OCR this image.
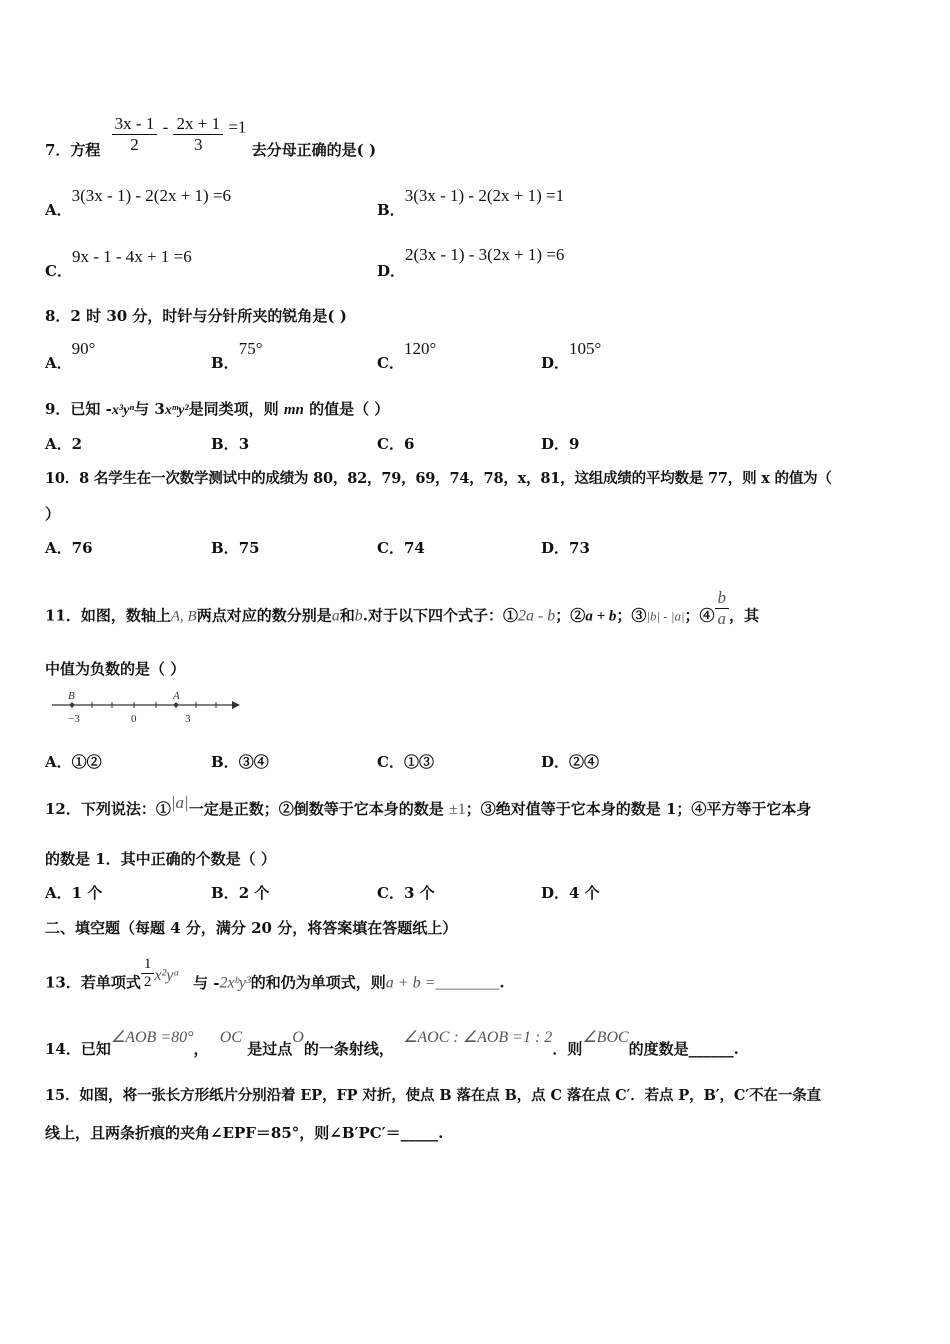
7．方程 $\frac{3x - 1}{2} - \frac{2x + 1}{3} =1$ 去分母正确的是( )
A．3(3x - 1) - 2(2x + 1) =6
B．3(3x - 1) - 2(2x + 1) =1
C．9x - 1 - 4x + 1 =6
D．2(3x - 1) - 3(2x + 1) =6
8．2 时 30 分，时针与分针所夹的锐角是( )
A．90°
B．75°
C．120°
D．105°
9．已知 -x³yⁿ与 3xᵐy²是同类项，则 mn 的值是（ ）
A．2	B．3	C．6	D．9
10．8 名学生在一次数学测试中的成绩为 80，82，79，69，74，78，x，81，这组成绩的平均数是 77，则 x 的值为（
）
A．76	B．75	C．74	D．73
11．如图，数轴上A, B两点对应的数分别是a和b.对于以下四个式子：①2a - b；②a + b；③|b| - |a|；④ $\frac{b}{a}$ ，其
中值为负数的是（ ）
B	A
−3	0	3
A．①②	B．③④	C．①③	D．②④
12．下列说法：①|a|一定是正数；②倒数等于它本身的数是 ±1；③绝对值等于它本身的数是 1；④平方等于它本身
的数是 1．其中正确的个数是（ ）
A．1 个	B．2 个	C．3 个	D．4 个
二、填空题（每题 4 分，满分 20 分，将答案填在答题纸上）
13．若单项式 $\frac{1}{2}$ x²yᵃ 与 -2xᵇy³的和仍为单项式，则a + b =________.
14．已知∠AOB =80°， OC 是过点O的一条射线， ∠AOC : ∠AOB =1 : 2．则∠BOC的度数是______.
15．如图，将一张长方形纸片分别沿着 EP，FP 对折，使点 B 落在点 B，点 C 落在点 C′．若点 P，B′，C′不在一条直
线上，且两条折痕的夹角∠EPF＝85°，则∠B′PC′＝_____.
